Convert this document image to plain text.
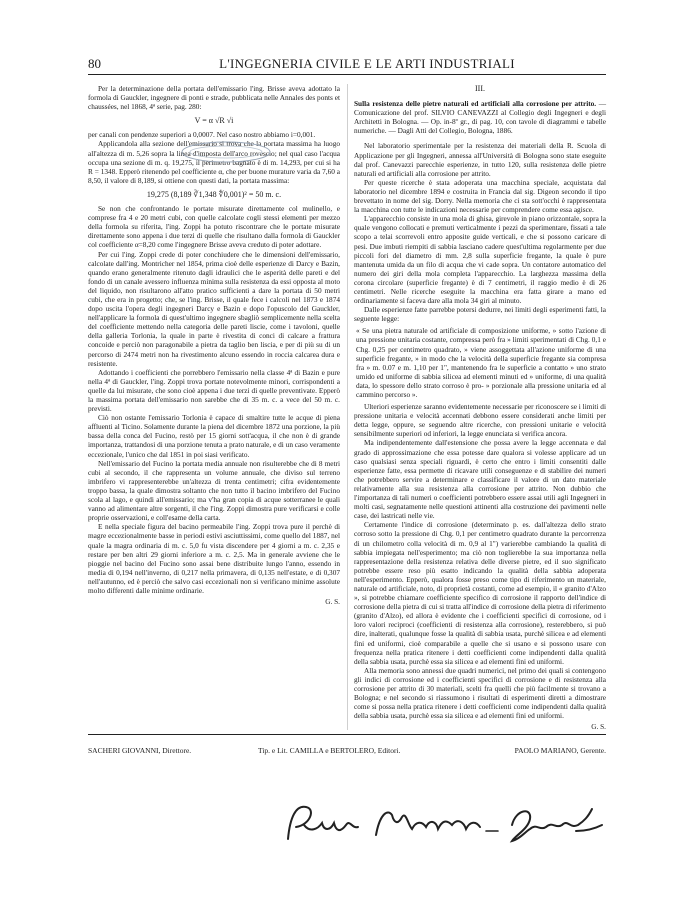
80	L'INGEGNERIA CIVILE E LE ARTI INDUSTRIALI

Per la determinazione della portata dell'emissario l'ing. Brisse aveva adottato la formola di Gauckler, ingegnere di ponti e strade, pubblicata nelle Annales des ponts et chaussées, nel 1868, 4ª serie, pag. 280:

V = α √R √i

per canali con pendenze superiori a 0,0007. Nel caso nostro abbiamo i=0,001.

Applicandola alla sezione dell'emissario si trova che la portata massima ha luogo all'altezza di m. 5,26 sopra la linea d'imposta dell'arco rovescio; nel qual caso l'acqua occupa una sezione di m. q. 19,275, il perimetro bagnato è di m. 14,293, per cui si ha R = 1348. Epperò ritenendo pel coefficiente α, che per buone murature varia da 7,60 a 8,50, il valore di 8,189, si ottiene con questi dati, la portata massima:

19,275 (8,189 ∛1,348 ∜0,001)² = 50 m. c.

Se non che confrontando le portate misurate direttamente col mulinello, e comprese fra 4 e 20 metri cubi, con quelle calcolate cogli stessi elementi per mezzo della formola su riferita, l'ing. Zoppi ha potuto riscontrare che le portate misurate direttamente sono appena i due terzi di quelle che risultano dalla formola di Gauckler col coefficiente α=8,20 come l'ingegnere Brisse aveva creduto di poter adottare.

Per cui l'ing. Zoppi crede di poter conchiudere che le dimensioni dell'emissario, calcolate dall'ing. Montricher nel 1854, prima cioè delle esperienze di Darcy e Bazin, quando erano generalmente ritenuto dagli idraulici che le asperità delle pareti e del fondo di un canale avessero influenza minima sulla resistenza da essi opposta al moto del liquido, non risultarono all'atto pratico sufficienti a dare la portata di 50 metri cubi, che era in progetto; che, se l'ing. Brisse, il quale fece i calcoli nel 1873 e 1874 dopo uscita l'opera degli ingegneri Darcy e Bazin e dopo l'opuscolo del Gauckler, nell'applicare la formola di quest'ultimo ingegnere sbagliò semplicemente nella scelta del coefficiente mettendo nella categoria delle pareti liscie, come i tavoloni, quelle della galleria Torlonia, la quale in parte è rivestita di conci di calcare a frattura concoide e perciò non paragonabile a pietra da taglio ben liscia, e per di più su di un percorso di 2474 metri non ha rivestimento alcuno essendo in roccia calcarea dura e resistente.

Adottando i coefficienti che porrebbero l'emissario nella classe 4ª di Bazin e pure nella 4ª di Gauckler, l'ing. Zoppi trova portate notevolmente minori, corrispondenti a quelle da lui misurate, che sono cioè appena i due terzi di quelle preventivate. Epperò la massima portata dell'emissario non sarebbe che di 35 m. c. a vece del 50 m. c. previsti.

Ciò non ostante l'emissario Torlonia è capace di smaltire tutte le acque di piena affluenti al Ticino. Solamente durante la piena del dicembre 1872 una porzione, la più bassa della conca del Fucino, restò per 15 giorni sott'acqua, il che non è di grande importanza, trattandosi di una porzione tenuta a prato naturale, e di un caso veramente eccezionale, l'unico che dal 1851 in poi siasi verificato.

Nell'emissario del Fucino la portata media annuale non risulterebbe che di 8 metri cubi al secondo, il che rappresenta un volume annuale, che diviso sul terreno imbrifero vi rappresenterebbe un'altezza di trenta centimetri; cifra evidentemente troppo bassa, la quale dimostra soltanto che non tutto il bacino imbrifero del Fucino scola al lago, e quindi all'emissario; ma v'ha gran copia di acque sotterranee le quali vanno ad alimentare altre sorgenti, il che l'ing. Zoppi dimostra pure verificarsi e colle proprie osservazioni, e coll'esame della carta.

E nella speciale figura del bacino permeabile l'ing. Zoppi trova pure il perchè di magre eccezionalmente basse in periodi estivi asciuttissimi, come quello del 1887, nel quale la magra ordinaria di m. c. 5,0 fu vista discendere per 4 giorni a m. c. 2,35 e restare per ben altri 29 giorni inferiore a m. c. 2,5. Ma in generale avviene che le pioggie nel bacino del Fucino sono assai bene distribuite lungo l'anno, essendo in media di 0,194 nell'inverno, di 0,217 nella primavera, di 0,135 nell'estate, e di 0,307 nell'autunno, ed è perciò che salvo casi eccezionali non si verificano minime assolute molto differenti dalle minime ordinarie.

G. S.
III.
Sulla resistenza delle pietre naturali ed artificiali alla corrosione per attrito. — Comunicazione del prof. SILVIO CANEVAZZI al Collegio degli Ingegneri e degli Architetti in Bologna. — Op. in-8º gr., di pag. 10, con tavole di diagrammi e tabelle numeriche. — Dagli Atti del Collegio, Bologna, 1886.

Nel laboratorio sperimentale per la resistenza dei materiali della R. Scuola di Applicazione per gli Ingegneri, annessa all'Università di Bologna sono state eseguite dal prof. Canevazzi parecchie esperienze, in tutto 120, sulla resistenza delle pietre naturali ed artificiali alla corrosione per attrito.

Per queste ricerche è stata adoperata una macchina speciale, acquistata dal laboratorio nel dicembre 1894 e costruita in Francia dal sig. Digeon secondo il tipo brevettato in nome del sig. Dorry. Nella memoria che ci sta sott'occhi è rappresentata la macchina con tutte le indicazioni necessarie per comprendere come essa agisce.

L'apparecchio consiste in una mola di ghisa, girevole in piano orizzontale, sopra la quale vengono collocati e premuti verticalmente i pezzi da sperimentare, fissati a tale scopo a telai scorrevoli entro apposite guide verticali, e che si possono caricare di pesi. Due imbuti riempiti di sabbia lasciano cadere quest'ultima regolarmente per due piccoli fori del diametro di mm. 2,8 sulla superficie fregante, la quale è pure mantenuta umida da un filo di acqua che vi cade sopra. Un contatore automatico del numero dei giri della mola completa l'apparecchio. La larghezza massima della corona circolare (superficie fregante) è di 7 centimetri, il raggio medio è di 26 centimetri. Nelle ricerche eseguite la macchina era fatta girare a mano ed ordinariamente si faceva dare alla mola 34 giri al minuto.

Dalle esperienze fatte parrebbe potersi dedurre, nei limiti degli esperimenti fatti, la seguente legge:

« Se una pietra naturale od artificiale di composizione uniforme, » sotto l'azione di una pressione unitaria costante, compressa però fra » limiti sperimentati di Chg. 0,1 e Chg. 0,25 per centimetro quadrato, » viene assoggettata all'azione uniforme di una superficie fregante, » in modo che la velocità della superficie fregante sia compresa fra » m. 0.07 e m. 1,10 per 1", mantenendo fra le superficie a contatto » uno strato umido ed uniforme di sabbia silicea ad elementi minuti ed » uniforme, di una qualità data, lo spessore dello strato corroso è pro- » porzionale alla pressione unitaria ed al cammino percorso ».

Ulteriori esperienze saranno evidentemente necessarie per riconoscere se i limiti di pressione unitaria e velocità accennati debbono essere considerati anche limiti per detta legge, oppure, se seguendo altre ricerche, con pressioni unitarie e velocità sensibilmente superiori od inferiori, la legge enunciata si verifica ancora.

Ma indipendentemente dall'estensione che possa avere la legge accennata e dal grado di approssimazione che essa potesse dare qualora si volesse applicare ad un caso qualsiasi senza speciali riguardi, è certo che entro i limiti consentiti dalle esperienze fatte, essa permette di ricavare utili conseguenze e di stabilire dei numeri che potrebbero servire a determinare e classificare il valore di un dato materiale relativamente alla sua resistenza alla corrosione per attrito. Non dubbio che l'importanza di tali numeri o coefficienti potrebbero essere assai utili agli Ingegneri in molti casi, segnatamente nelle questioni attinenti alla costruzione dei pavimenti nelle case, dei lastricati nelle vie.

Certamente l'indice di corrosione (determinato p. es. dall'altezza dello strato corroso sotto la pressione di Chg. 0,1 per centimetro quadrato durante la percorrenza di un chilometro colla velocità di m. 0,9 al 1") varierebbe cambiando la qualità di sabbia impiegata nell'esperimento; ma ciò non toglierebbe la sua importanza nella rappresentazione della resistenza relativa delle diverse pietre, ed il suo significato potrebbe essere reso più esatto indicando la qualità della sabbia adoperata nell'esperimento. Epperò, qualora fosse preso come tipo di riferimento un materiale, naturale od artificiale, noto, di proprietà costanti, come ad esempio, il « granito d'Alzo », si potrebbe chiamare coefficiente specifico di corrosione il rapporto dell'indice di corrosione della pietra di cui si tratta all'indice di corrosione della pietra di riferimento (granito d'Alzo), ed allora è evidente che i coefficienti specifici di corrosione, od i loro valori reciproci (coefficienti di resistenza alla corrosione), resterebbero, si può dire, inalterati, qualunque fosse la qualità di sabbia usata, purchè silicea e ad elementi fini ed uniformi, cioè comparabile a quelle che si usano e si possono usare con frequenza nella pratica ritenere i detti coefficienti come indipendenti dalla qualità della sabbia usata, purchè essa sia silicea e ad elementi fini ed uniformi.

Alla memoria sono annessi due quadri numerici, nel primo dei quali si contengono gli indici di corrosione ed i coefficienti specifici di corrosione e di resistenza alla corrosione per attrito di 30 materiali, scelti fra quelli che più facilmente si trovano a Bologna; e nel secondo si riassumono i risultati di esperimenti diretti a dimostrare come si possa nella pratica ritenere i detti coefficienti come indipendenti dalla qualità della sabbia usata, purchè essa sia silicea e ad elementi fini ed uniformi.

G. S.
SACHERI GIOVANNI, Direttore.	Tip. e Lit. CAMILLA e BERTOLERO, Editori.	PAOLO MARIANO, Gerente.
